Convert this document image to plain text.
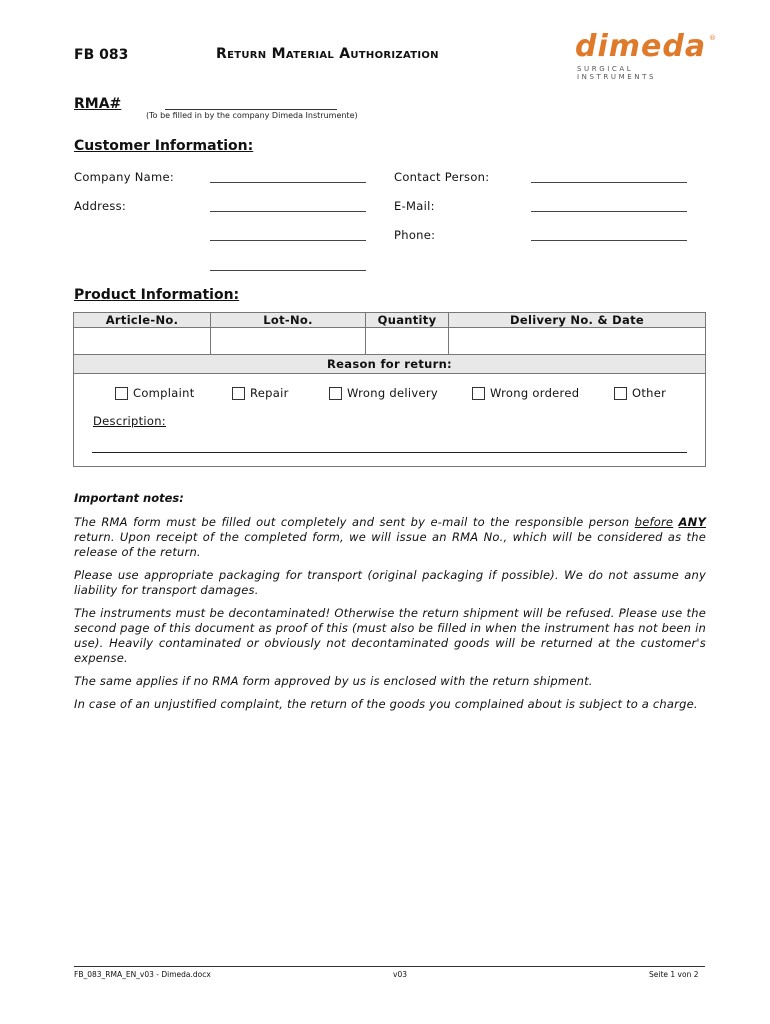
FB 083	Return Material Authorization	dimeda ®
SURGICAL INSTRUMENTS
RMA#
(To be filled in by the company Dimeda Instrumente)
Customer Information:
Company Name:	Contact Person:
Address:	E-Mail:
Phone:
Product Information:
Article-No.	Lot-No.	Quantity	Delivery No. & Date

Reason for return:			
Complaint	Repair	Wrong delivery	Wrong ordered	Other
Description:
Important notes:
The RMA form must be filled out completely and sent by e-mail to the responsible person before ANY return. Upon receipt of the completed form, we will issue an RMA No., which will be considered as the release of the return.
Please use appropriate packaging for transport (original packaging if possible). We do not assume any liability for transport damages.
The instruments must be decontaminated! Otherwise the return shipment will be refused. Please use the second page of this document as proof of this (must also be filled in when the instrument has not been in use). Heavily contaminated or obviously not decontaminated goods will be returned at the customer's expense.
The same applies if no RMA form approved by us is enclosed with the return shipment.
In case of an unjustified complaint, the return of the goods you complained about is subject to a charge.
FB_083_RMA_EN_v03 - Dimeda.docx	v03	Seite 1 von 2
